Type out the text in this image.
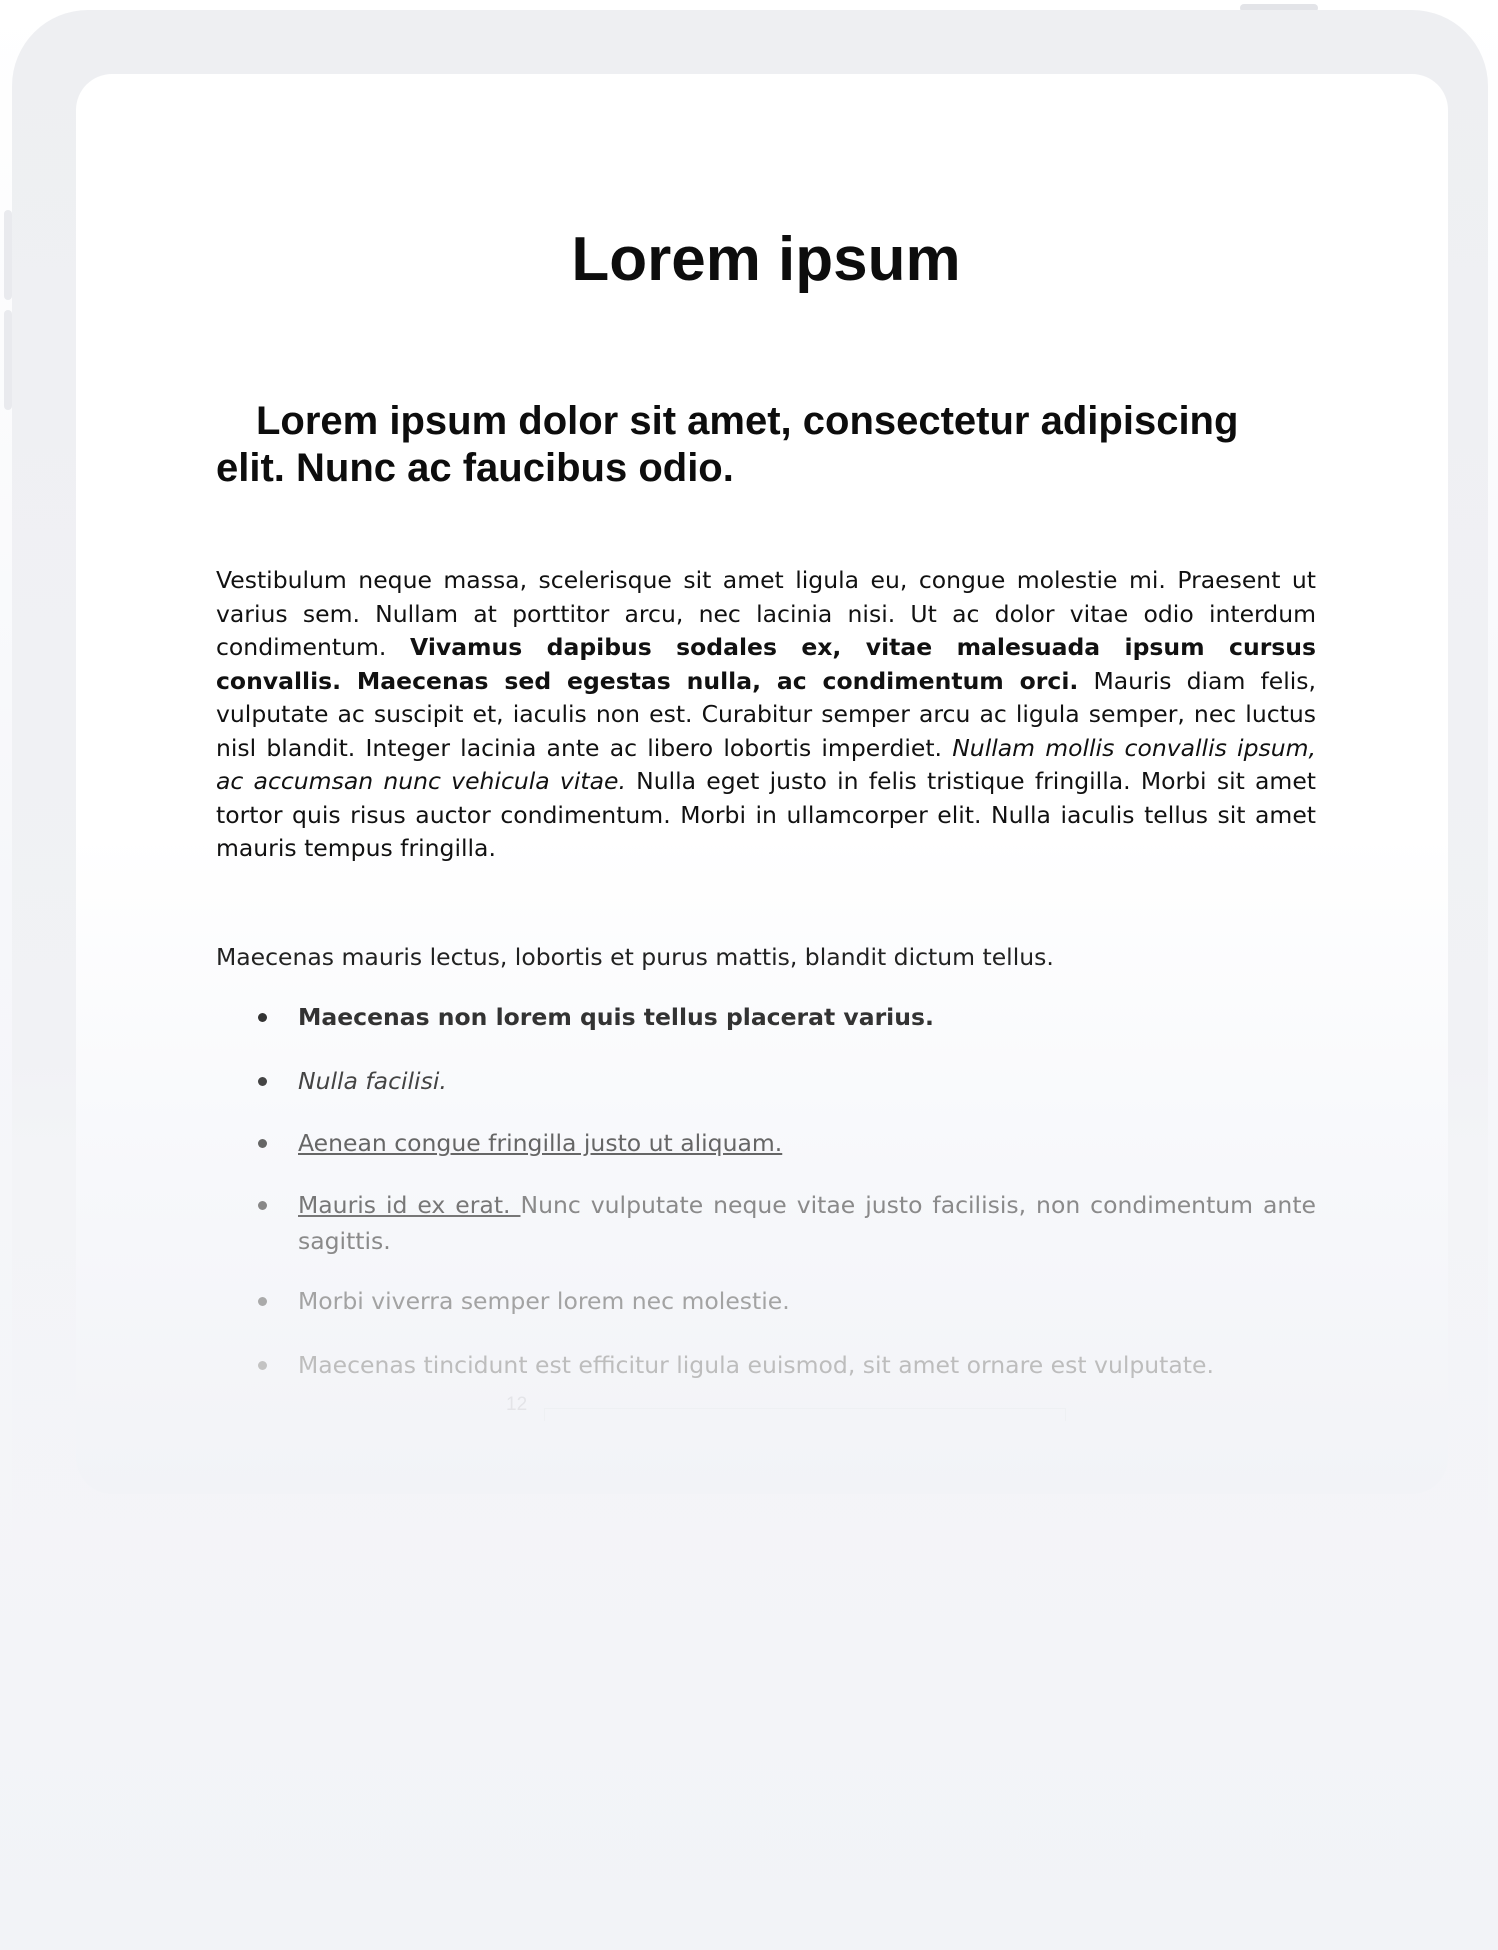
Lorem ipsum
Lorem ipsum dolor sit amet, consectetur adipiscing elit. Nunc ac faucibus odio.

Vestibulum neque massa, scelerisque sit amet ligula eu, congue molestie mi. Praesent ut varius sem. Nullam at porttitor arcu, nec lacinia nisi. Ut ac dolor vitae odio interdum condimentum. Vivamus dapibus sodales ex, vitae malesuada ipsum cursus convallis. Maecenas sed egestas nulla, ac condimentum orci. Mauris diam felis, vulputate ac suscipit et, iaculis non est. Curabitur semper arcu ac ligula semper, nec luctus nisl blandit. Integer lacinia ante ac libero lobortis imperdiet. Nullam mollis convallis ipsum, ac accumsan nunc vehicula vitae. Nulla eget justo in felis tristique fringilla. Morbi sit amet tortor quis risus auctor condimentum. Morbi in ullamcorper elit. Nulla iaculis tellus sit amet mauris tempus fringilla.

Maecenas mauris lectus, lobortis et purus mattis, blandit dictum tellus.

Maecenas non lorem quis tellus placerat varius.
Nulla facilisi.
Aenean congue fringilla justo ut aliquam.
Mauris id ex erat. Nunc vulputate neque vitae justo facilisis, non condimentum ante sagittis.
Morbi viverra semper lorem nec molestie.
Maecenas tincidunt est efficitur ligula euismod, sit amet ornare est vulputate.
12
